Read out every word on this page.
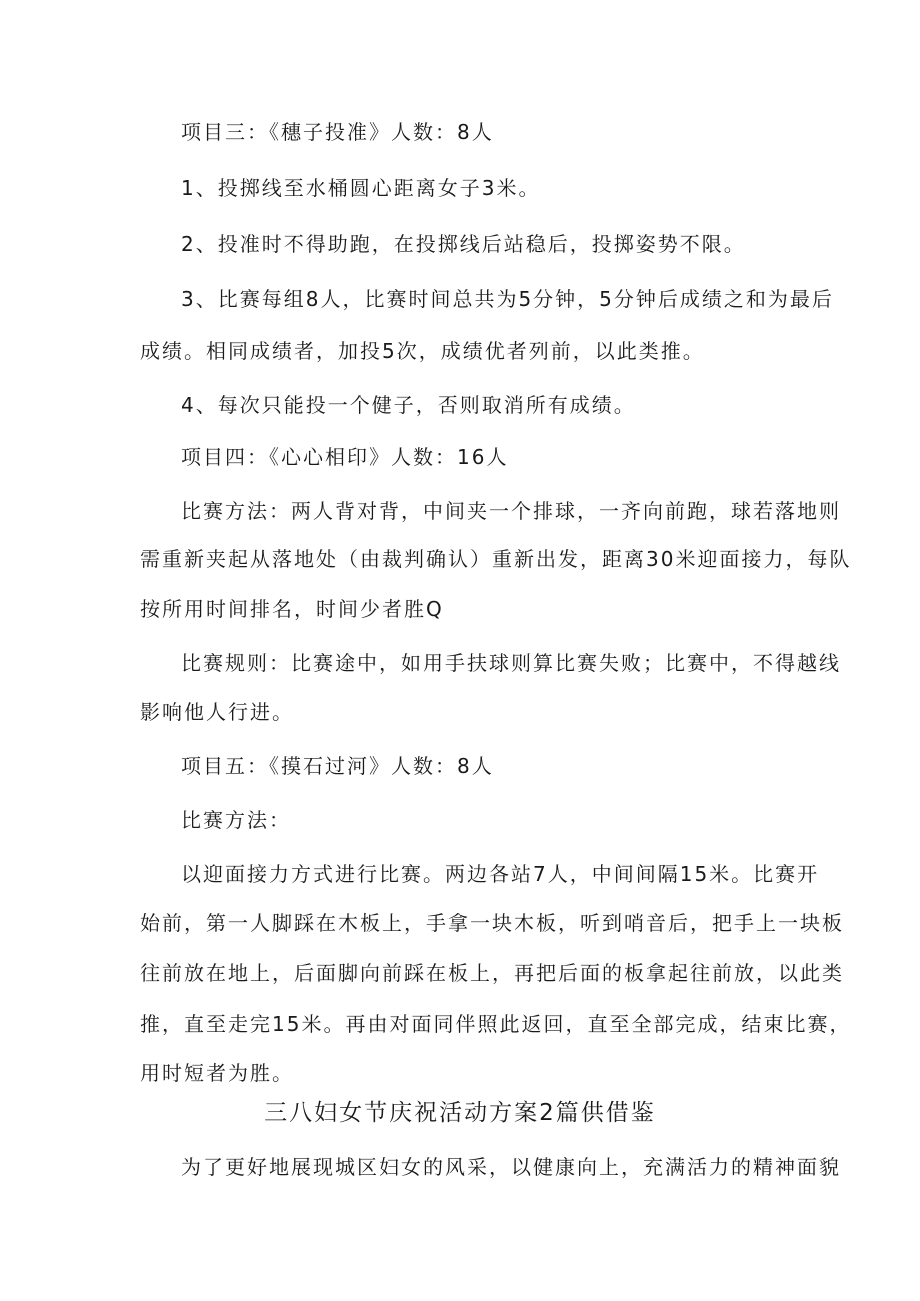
项目三：《穗子投准》人数：8人
1、投掷线至水桶圆心距离女子3米。
2、投准时不得助跑，在投掷线后站稳后，投掷姿势不限。
3、比赛每组8人，比赛时间总共为5分钟，5分钟后成绩之和为最后
成绩。相同成绩者，加投5次，成绩优者列前，以此类推。
4、每次只能投一个健子，否则取消所有成绩。
项目四：《心心相印》人数：16人
比赛方法：两人背对背，中间夹一个排球，一齐向前跑，球若落地则
需重新夹起从落地处（由裁判确认）重新出发，距离30米迎面接力，每队
按所用时间排名，时间少者胜Q
比赛规则：比赛途中，如用手扶球则算比赛失败；比赛中，不得越线
影响他人行进。
项目五：《摸石过河》人数：8人
比赛方法：
以迎面接力方式进行比赛。两边各站7人，中间间隔15米。比赛开
始前，第一人脚踩在木板上，手拿一块木板，听到哨音后，把手上一块板
往前放在地上，后面脚向前踩在板上，再把后面的板拿起往前放，以此类
推，直至走完15米。再由对面同伴照此返回，直至全部完成，结束比赛，
用时短者为胜。
三八妇女节庆祝活动方案2篇供借鉴
为了更好地展现城区妇女的风采，以健康向上，充满活力的精神面貌
